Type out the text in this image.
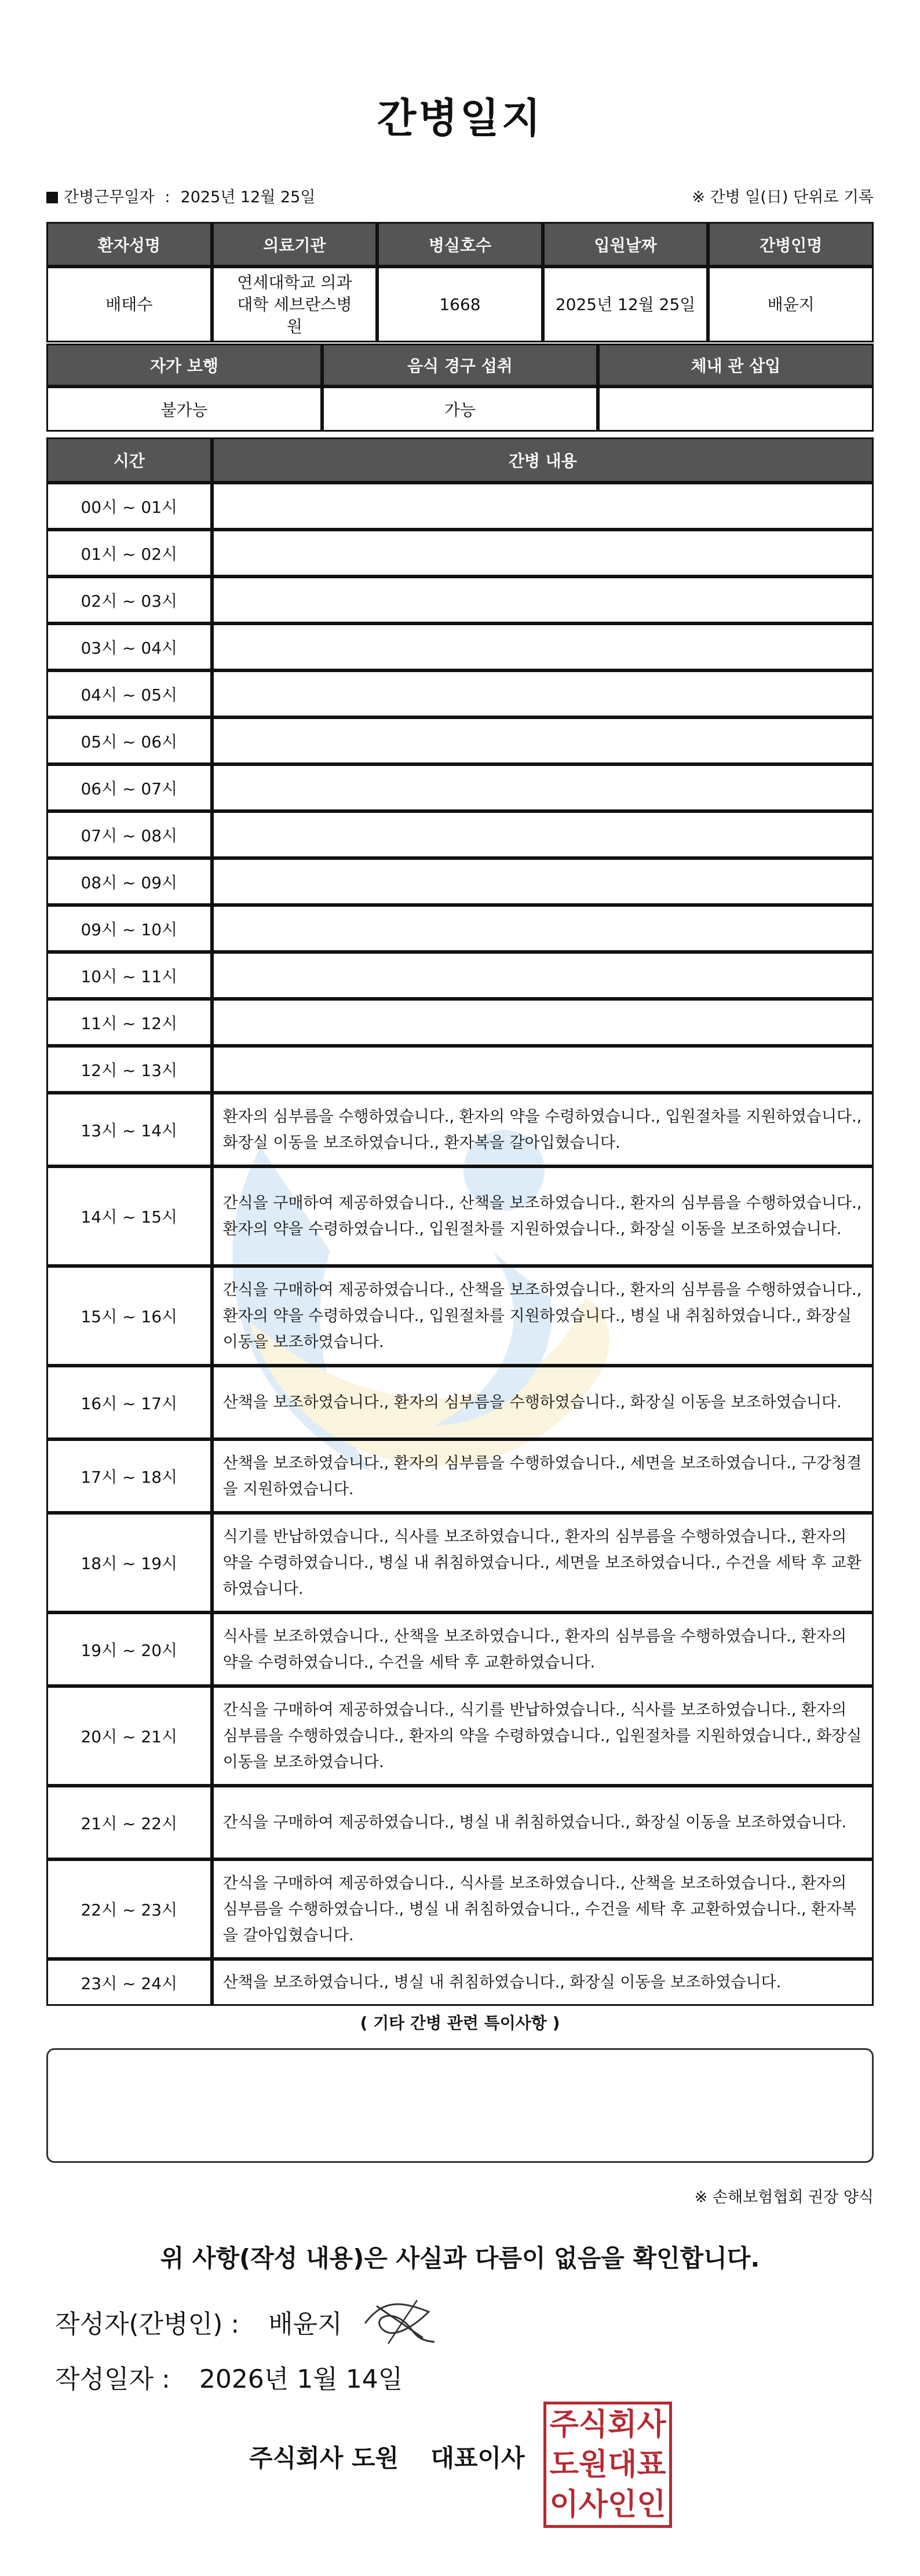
간병일지
간병근무일자 : 2025년 12월 25일	※ 간병 일(日) 단위로 기록
환자성명	의료기관	병실호수	입원날짜	간병인명
배태수	연세대학교 의과대학 세브란스병원	1668	2025년 12월 25일	배윤지
자가 보행	음식 경구 섭취	체내 관 삽입
불가능	가능	
시간	간병 내용
00시 ~ 01시	
01시 ~ 02시	
02시 ~ 03시	
03시 ~ 04시	
04시 ~ 05시	
05시 ~ 06시	
06시 ~ 07시	
07시 ~ 08시	
08시 ~ 09시	
09시 ~ 10시	
10시 ~ 11시	
11시 ~ 12시	
12시 ~ 13시	
13시 ~ 14시	환자의 심부름을 수행하였습니다., 환자의 약을 수령하였습니다., 입원절차를 지원하였습니다., 화장실 이동을 보조하였습니다., 환자복을 갈아입혔습니다.
14시 ~ 15시	간식을 구매하여 제공하였습니다., 산책을 보조하였습니다., 환자의 심부름을 수행하였습니다., 환자의 약을 수령하였습니다., 입원절차를 지원하였습니다., 화장실 이동을 보조하였습니다.
15시 ~ 16시	간식을 구매하여 제공하였습니다., 산책을 보조하였습니다., 환자의 심부름을 수행하였습니다., 환자의 약을 수령하였습니다., 입원절차를 지원하였습니다., 병실 내 취침하였습니다., 화장실 이동을 보조하였습니다.
16시 ~ 17시	산책을 보조하였습니다., 환자의 심부름을 수행하였습니다., 화장실 이동을 보조하였습니다.
17시 ~ 18시	산책을 보조하였습니다., 환자의 심부름을 수행하였습니다., 세면을 보조하였습니다., 구강청결을 지원하였습니다.
18시 ~ 19시	식기를 반납하였습니다., 식사를 보조하였습니다., 환자의 심부름을 수행하였습니다., 환자의 약을 수령하였습니다., 병실 내 취침하였습니다., 세면을 보조하였습니다., 수건을 세탁 후 교환하였습니다.
19시 ~ 20시	식사를 보조하였습니다., 산책을 보조하였습니다., 환자의 심부름을 수행하였습니다., 환자의 약을 수령하였습니다., 수건을 세탁 후 교환하였습니다.
20시 ~ 21시	간식을 구매하여 제공하였습니다., 식기를 반납하였습니다., 식사를 보조하였습니다., 환자의 심부름을 수행하였습니다., 환자의 약을 수령하였습니다., 입원절차를 지원하였습니다., 화장실 이동을 보조하였습니다.
21시 ~ 22시	간식을 구매하여 제공하였습니다., 병실 내 취침하였습니다., 화장실 이동을 보조하였습니다.
22시 ~ 23시	간식을 구매하여 제공하였습니다., 식사를 보조하였습니다., 산책을 보조하였습니다., 환자의 심부름을 수행하였습니다., 병실 내 취침하였습니다., 수건을 세탁 후 교환하였습니다., 환자복을 갈아입혔습니다.
23시 ~ 24시	산책을 보조하였습니다., 병실 내 취침하였습니다., 화장실 이동을 보조하였습니다.
( 기타 간병 관련 특이사항 )
※ 손해보험협회 권장 양식
위 사항(작성 내용)은 사실과 다름이 없음을 확인합니다.
작성자(간병인) : 배윤지
작성일자 : 2026년 1월 14일
주식회사 도원 대표이사
주식회사
도원대표
이사인인
